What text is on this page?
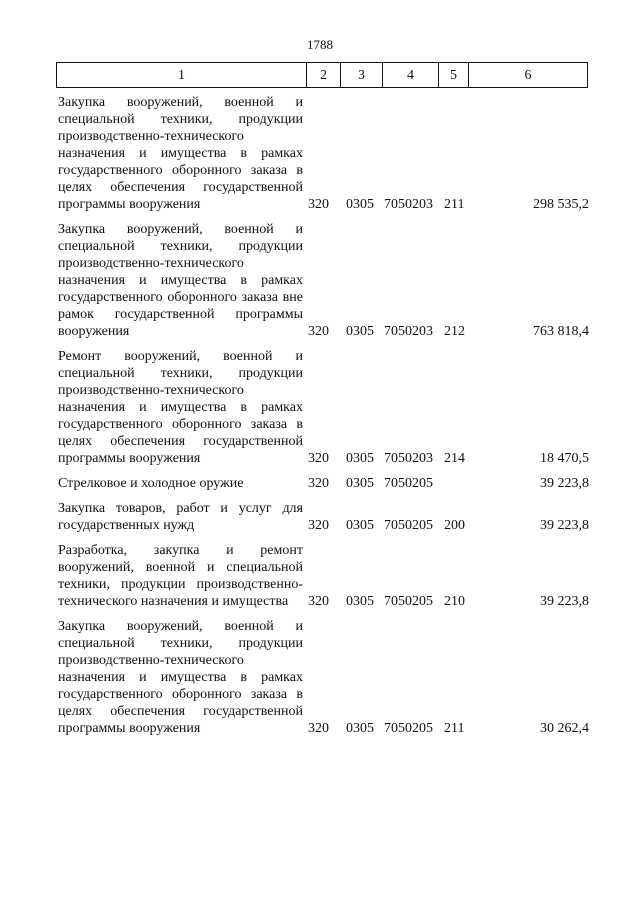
1788
1	2	3	4	5	6
Закупка вооружений, военной и специальной техники, продукции производственно-технического назначения и имущества в рамках государственного оборонного заказа в целях обеспечения государственной программы вооружения	320 0305 7050203 211	298 535,2
Закупка вооружений, военной и специальной техники, продукции производственно-технического назначения и имущества в рамках государственного оборонного заказа вне рамок государственной программы вооружения	320 0305 7050203 212	763 818,4
Ремонт вооружений, военной и специальной техники, продукции производственно-технического назначения и имущества в рамках государственного оборонного заказа в целях обеспечения государственной программы вооружения	320 0305 7050203 214	18 470,5
Стрелковое и холодное оружие	320 0305 7050205	39 223,8
Закупка товаров, работ и услуг для государственных нужд	320 0305 7050205 200	39 223,8
Разработка, закупка и ремонт вооружений, военной и специальной техники, продукции производственно-технического назначения и имущества	320 0305 7050205 210	39 223,8
Закупка вооружений, военной и специальной техники, продукции производственно-технического назначения и имущества в рамках государственного оборонного заказа в целях обеспечения государственной программы вооружения	320 0305 7050205 211	30 262,4
